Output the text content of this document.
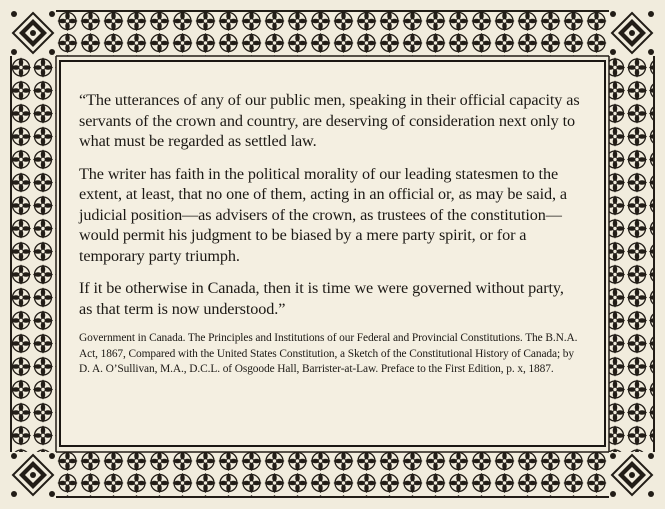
“The utterances of any of our public men, speaking in their official capacity as servants of the crown and country, are deserving of consideration next only to what must be regarded as settled law.

The writer has faith in the political morality of our leading statesmen to the extent, at least, that no one of them, acting in an official or, as may be said, a judicial position—as advisers of the crown, as trustees of the constitution—would permit his judgment to be biased by a mere party spirit, or for a temporary party triumph.

If it be otherwise in Canada, then it is time we were governed without party, as that term is now understood.”

Government in Canada. The Principles and Institutions of our Federal and Provincial Constitutions. The B.N.A. Act, 1867, Compared with the United States Constitution, a Sketch of the Constitutional History of Canada; by D. A. O’Sullivan, M.A., D.C.L. of Osgoode Hall, Barrister-at-Law. Preface to the First Edition, p. x, 1887.
